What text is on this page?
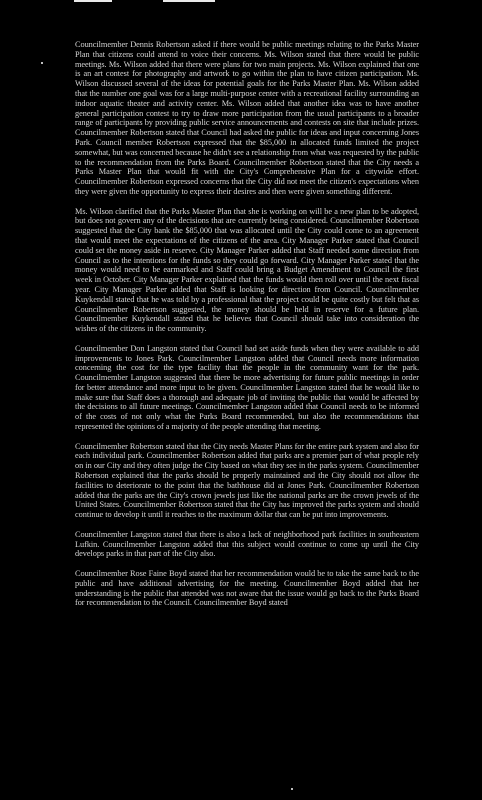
Councilmember Dennis Robertson asked if there would be public meetings relating to the Parks Master Plan that citizens could attend to voice their concerns. Ms. Wilson stated that there would be public meetings. Ms. Wilson added that there were plans for two main projects. Ms. Wilson explained that one is an art contest for photography and artwork to go within the plan to have citizen participation. Ms. Wilson discussed several of the ideas for potential goals for the Parks Master Plan. Ms. Wilson added that the number one goal was for a large multi-purpose center with a recreational facility surrounding an indoor aquatic theater and activity center. Ms. Wilson added that another idea was to have another general participation contest to try to draw more participation from the usual participants to a broader range of participants by providing public service announcements and contests on site that include prizes. Councilmember Robertson stated that Council had asked the public for ideas and input concerning Jones Park. Council member Robertson expressed that the $85,000 in allocated funds limited the project somewhat, but was concerned because he didn't see a relationship from what was requested by the public to the recommendation from the Parks Board. Councilmember Robertson stated that the City needs a Parks Master Plan that would fit with the City's Comprehensive Plan for a citywide effort. Councilmember Robertson expressed concerns that the City did not meet the citizen's expectations when they were given the opportunity to express their desires and then were given something different.

Ms. Wilson clarified that the Parks Master Plan that she is working on will be a new plan to be adopted, but does not govern any of the decisions that are currently being considered. Councilmember Robertson suggested that the City bank the $85,000 that was allocated until the City could come to an agreement that would meet the expectations of the citizens of the area. City Manager Parker stated that Council could set the money aside in reserve. City Manager Parker added that Staff needed some direction from Council as to the intentions for the funds so they could go forward. City Manager Parker stated that the money would need to be earmarked and Staff could bring a Budget Amendment to Council the first week in October. City Manager Parker explained that the funds would then roll over until the next fiscal year. City Manager Parker added that Staff is looking for direction from Council. Councilmember Kuykendall stated that he was told by a professional that the project could be quite costly but felt that as Councilmember Robertson suggested, the money should be held in reserve for a future plan. Councilmember Kuykendall stated that he believes that Council should take into consideration the wishes of the citizens in the community.

Councilmember Don Langston stated that Council had set aside funds when they were available to add improvements to Jones Park. Councilmember Langston added that Council needs more information concerning the cost for the type facility that the people in the community want for the park. Councilmember Langston suggested that there be more advertising for future public meetings in order for better attendance and more input to be given. Councilmember Langston stated that he would like to make sure that Staff does a thorough and adequate job of inviting the public that would be affected by the decisions to all future meetings. Councilmember Langston added that Council needs to be informed of the costs of not only what the Parks Board recommended, but also the recommendations that represented the opinions of a majority of the people attending that meeting.

Councilmember Robertson stated that the City needs Master Plans for the entire park system and also for each individual park. Councilmember Robertson added that parks are a premier part of what people rely on in our City and they often judge the City based on what they see in the parks system. Councilmember Robertson explained that the parks should be properly maintained and the City should not allow the facilities to deteriorate to the point that the bathhouse did at Jones Park. Councilmember Robertson added that the parks are the City's crown jewels just like the national parks are the crown jewels of the United States. Councilmember Robertson stated that the City has improved the parks system and should continue to develop it until it reaches to the maximum dollar that can be put into improvements.

Councilmember Langston stated that there is also a lack of neighborhood park facilities in southeastern Lufkin. Councilmember Langston added that this subject would continue to come up until the City develops parks in that part of the City also.

Councilmember Rose Faine Boyd stated that her recommendation would be to take the same back to the public and have additional advertising for the meeting. Councilmember Boyd added that her understanding is the public that attended was not aware that the issue would go back to the Parks Board for recommendation to the Council. Councilmember Boyd stated
